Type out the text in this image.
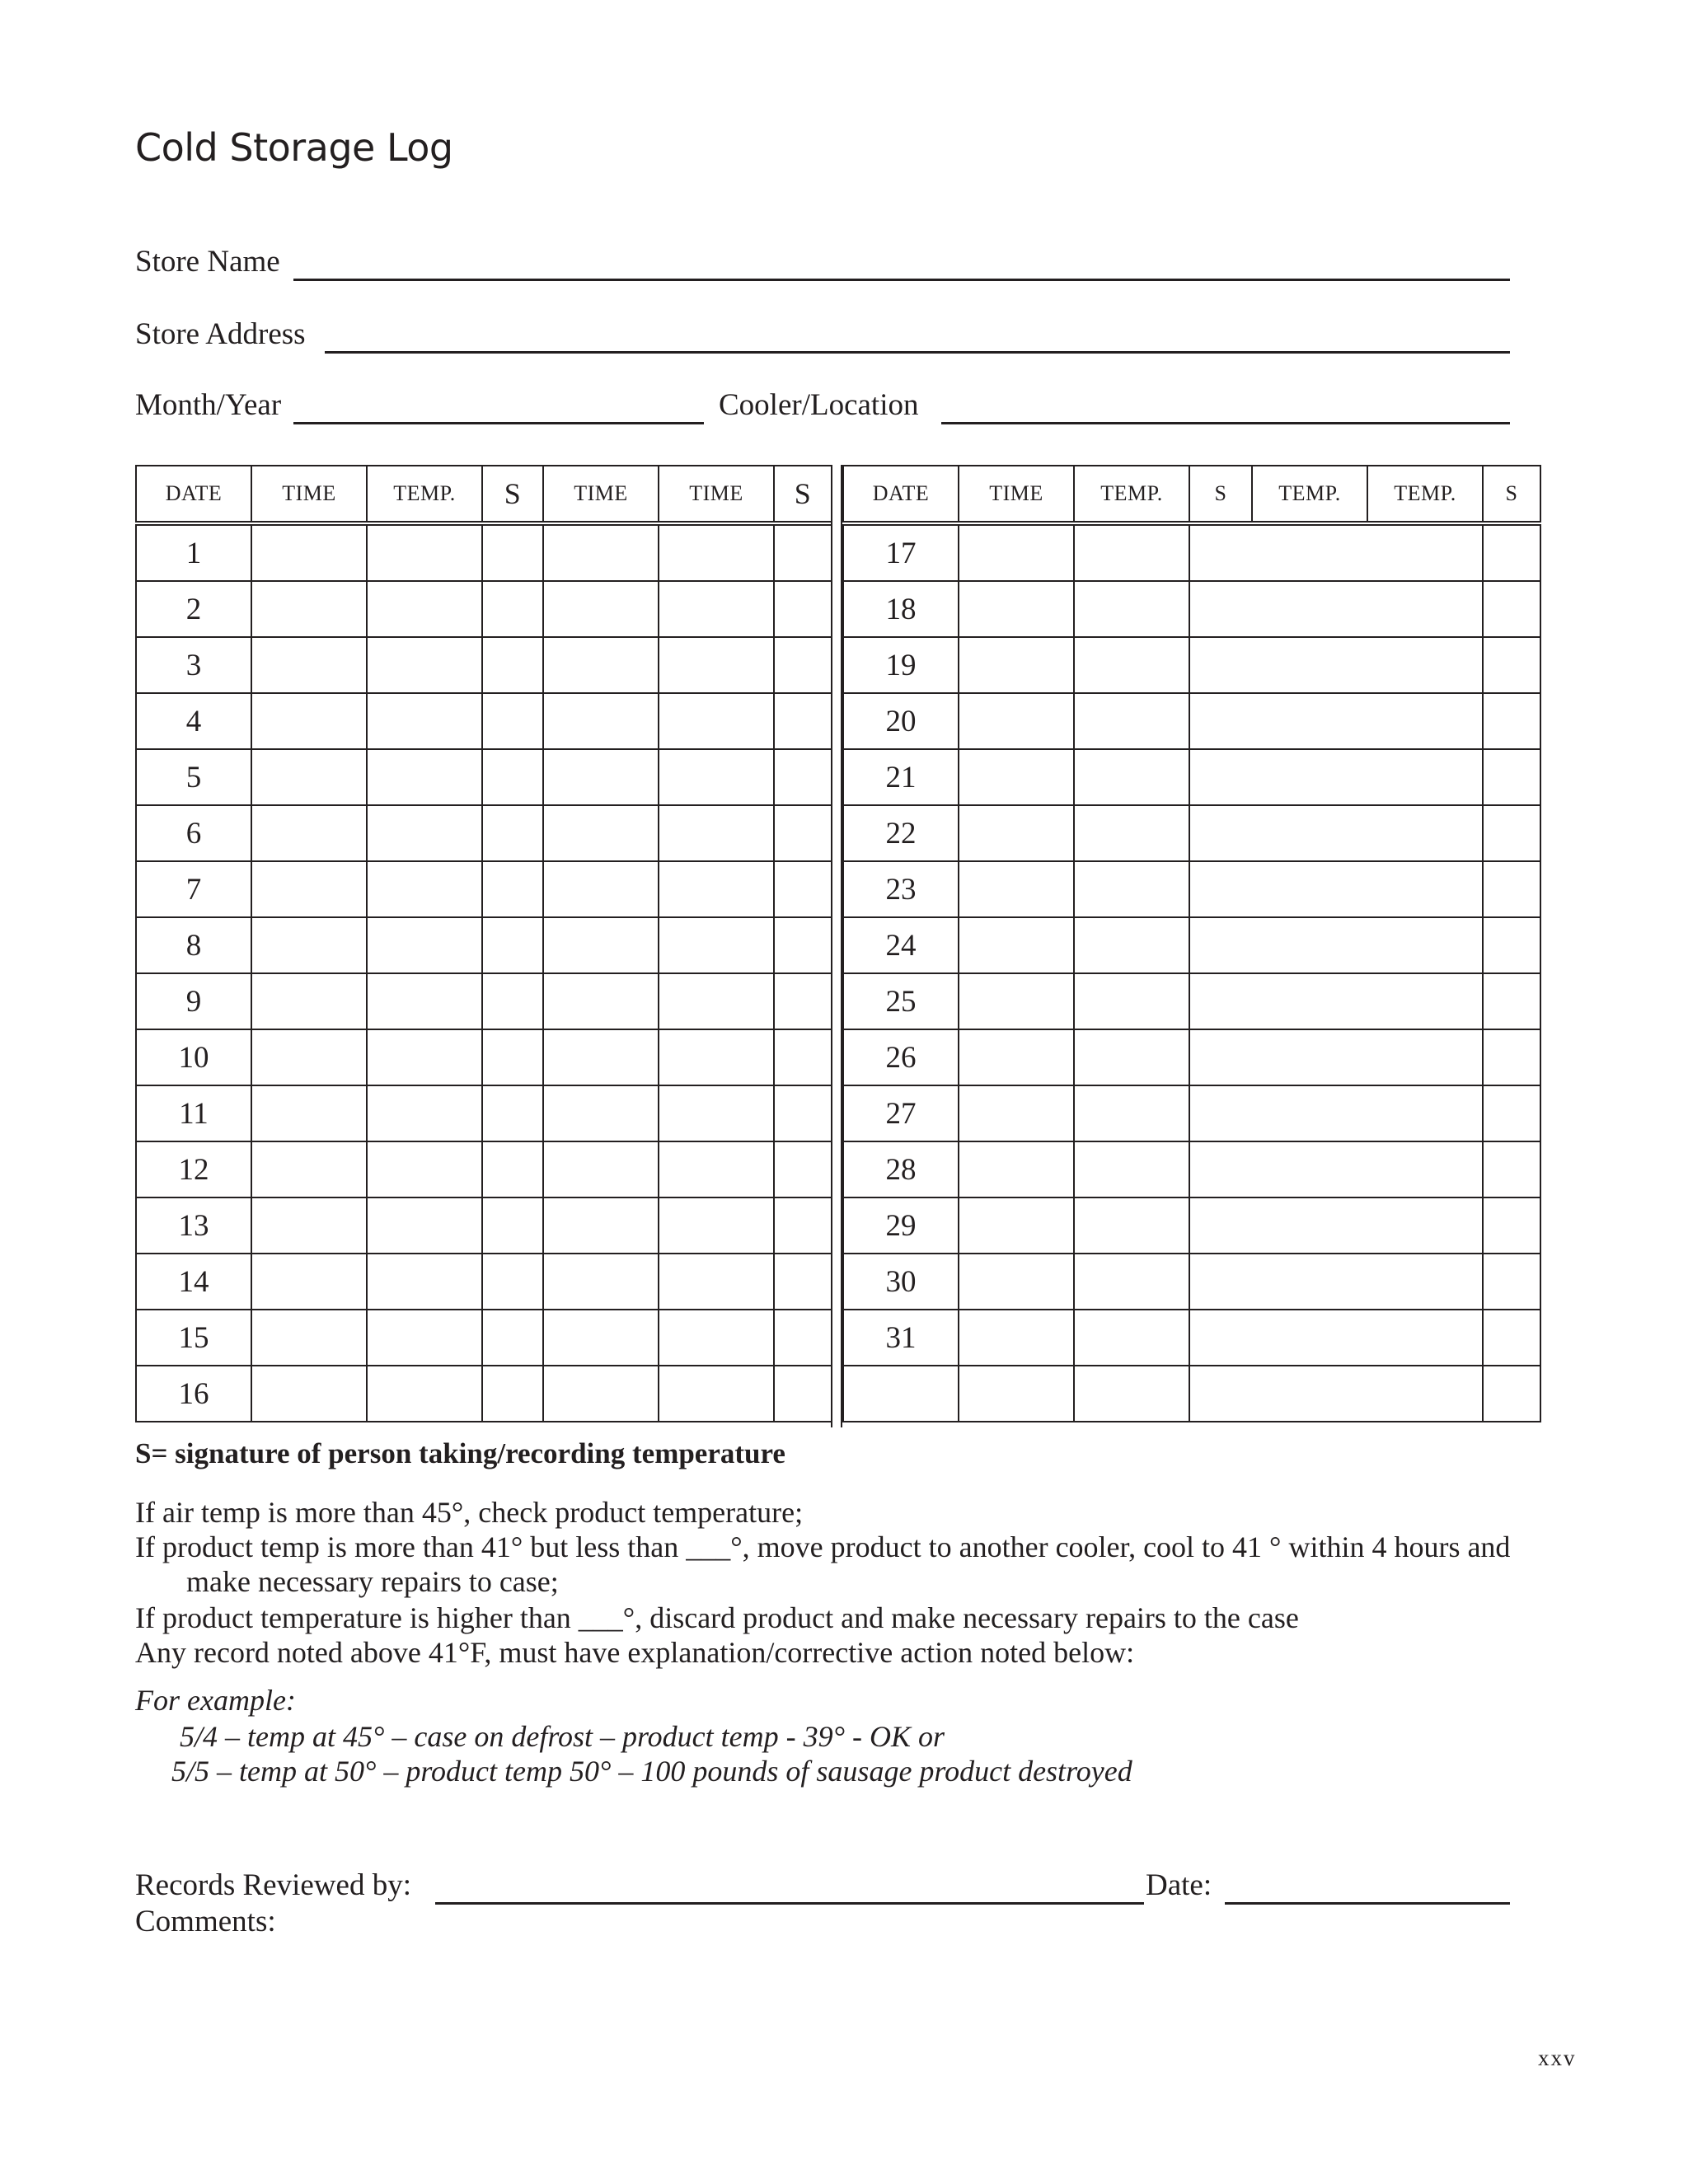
Cold Storage Log
Store Name
Store Address
Month/Year	Cooler/Location
DATE	TIME	TEMP.	S	TIME	TIME	S
1						
2						
3						
4						
5						
6						
7						
8						
9						
10						
11						
12						
13						
14						
15						
16						
DATE	TIME	TEMP.	S	TEMP.	TEMP.	S
17						
18						
19						
20						
21						
22						
23						
24						
25						
26						
27						
28						
29						
30						
31						

S= signature of person taking/recording temperature
If air temp is more than 45°, check product temperature;
If product temp is more than 41° but less than ___°, move product to another cooler, cool to 41 ° within 4 hours and
make necessary repairs to case;
If product temperature is higher than ___°, discard product and make necessary repairs to the case
Any record noted above 41°F, must have explanation/corrective action noted below:
For example:
5/4 – temp at 45° – case on defrost – product temp - 39° - OK or
5/5 – temp at 50° – product temp 50° – 100 pounds of sausage product destroyed
Records Reviewed by:	Date:
Comments:
xxv
